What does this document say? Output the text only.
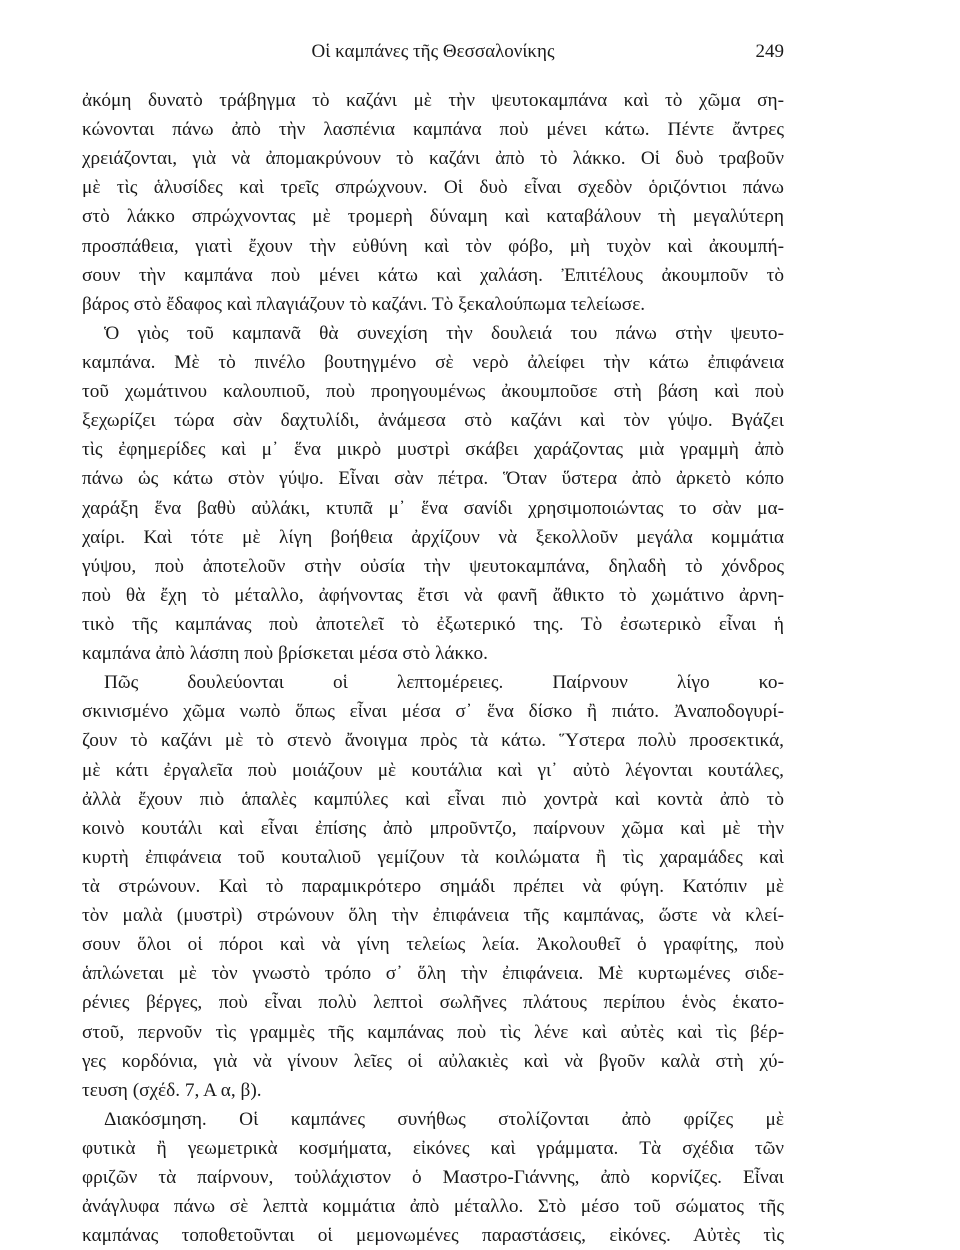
Οἱ καμπάνες τῆς Θεσσαλονίκης	249
ἀκόμη δυνατὸ τράβηγμα τὸ καζάνι μὲ τὴν ψευτοκαμπάνα καὶ τὸ χῶμα ση-
κώνονται πάνω ἀπὸ τὴν λασπένια καμπάνα ποὺ μένει κάτω. Πέντε ἄντρες
χρειάζονται, γιὰ νὰ ἀπομακρύνουν τὸ καζάνι ἀπὸ τὸ λάκκο. Οἱ δυὸ τραβοῦν
μὲ τὶς ἁλυσίδες καὶ τρεῖς σπρώχνουν. Οἱ δυὸ εἶναι σχεδὸν ὁριζόντιοι πάνω
στὸ λάκκο σπρώχνοντας μὲ τρομερὴ δύναμη καὶ καταβάλουν τὴ μεγαλύτερη
προσπάθεια, γιατὶ ἔχουν τὴν εὐθύνη καὶ τὸν φόβο, μὴ τυχὸν καὶ ἀκουμπή-
σουν τὴν καμπάνα ποὺ μένει κάτω καὶ χαλάση. Ἐπιτέλους ἀκουμποῦν τὸ
βάρος στὸ ἔδαφος καὶ πλαγιάζουν τὸ καζάνι. Τὸ ξεκαλούπωμα τελείωσε.
Ὁ γιὸς τοῦ καμπανᾶ θὰ συνεχίση τὴν δουλειά του πάνω στὴν ψευτο-
καμπάνα. Μὲ τὸ πινέλο βουτηγμένο σὲ νερὸ ἀλείφει τὴν κάτω ἐπιφάνεια
τοῦ χωμάτινου καλουπιοῦ, ποὺ προηγουμένως ἀκουμποῦσε στὴ βάση καὶ ποὺ
ξεχωρίζει τώρα σὰν δαχτυλίδι, ἀνάμεσα στὸ καζάνι καὶ τὸν γύψο. Βγάζει
τὶς ἐφημερίδες καὶ μ᾽ ἕνα μικρὸ μυστρὶ σκάβει χαράζοντας μιὰ γραμμὴ ἀπὸ
πάνω ὡς κάτω στὸν γύψο. Εἶναι σὰν πέτρα. Ὅταν ὕστερα ἀπὸ ἀρκετὸ κόπο
χαράξη ἕνα βαθὺ αὐλάκι, κτυπᾶ μ᾽ ἕνα σανίδι χρησιμοποιώντας το σὰν μα-
χαίρι. Καὶ τότε μὲ λίγη βοήθεια ἀρχίζουν νὰ ξεκολλοῦν μεγάλα κομμάτια
γύψου, ποὺ ἀποτελοῦν στὴν οὐσία τὴν ψευτοκαμπάνα, δηλαδὴ τὸ χόνδρος
ποὺ θὰ ἔχη τὸ μέταλλο, ἀφήνοντας ἔτσι νὰ φανῆ ἄθικτο τὸ χωμάτινο ἀρνη-
τικὸ τῆς καμπάνας ποὺ ἀποτελεῖ τὸ ἐξωτερικό της. Τὸ ἐσωτερικὸ εἶναι ἡ
καμπάνα ἀπὸ λάσπη ποὺ βρίσκεται μέσα στὸ λάκκο.
Πῶς δουλεύονται οἱ λεπτομέρειες. Παίρνουν λίγο κο-
σκινισμένο χῶμα νωπὸ ὅπως εἶναι μέσα σ᾽ ἕνα δίσκο ἢ πιάτο. Ἀναποδογυρί-
ζουν τὸ καζάνι μὲ τὸ στενὸ ἄνοιγμα πρὸς τὰ κάτω. Ὕστερα πολὺ προσεκτικά,
μὲ κάτι ἐργαλεῖα ποὺ μοιάζουν μὲ κουτάλια καὶ γι᾽ αὐτὸ λέγονται κουτάλες,
ἀλλὰ ἔχουν πιὸ ἁπαλὲς καμπύλες καὶ εἶναι πιὸ χοντρὰ καὶ κοντὰ ἀπὸ τὸ
κοινὸ κουτάλι καὶ εἶναι ἐπίσης ἀπὸ μπροῦντζο, παίρνουν χῶμα καὶ μὲ τὴν
κυρτὴ ἐπιφάνεια τοῦ κουταλιοῦ γεμίζουν τὰ κοιλώματα ἢ τὶς χαραμάδες καὶ
τὰ στρώνουν. Καὶ τὸ παραμικρότερο σημάδι πρέπει νὰ φύγη. Κατόπιν μὲ
τὸν μαλὰ (μυστρὶ) στρώνουν ὅλη τὴν ἐπιφάνεια τῆς καμπάνας, ὥστε νὰ κλεί-
σουν ὅλοι οἱ πόροι καὶ νὰ γίνη τελείως λεία. Ἀκολουθεῖ ὁ γραφίτης, ποὺ
ἁπλώνεται μὲ τὸν γνωστὸ τρόπο σ᾽ ὅλη τὴν ἐπιφάνεια. Μὲ κυρτωμένες σιδε-
ρένιες βέργες, ποὺ εἶναι πολὺ λεπτοὶ σωλῆνες πλάτους περίπου ἑνὸς ἑκατο-
στοῦ, περνοῦν τὶς γραμμὲς τῆς καμπάνας ποὺ τὶς λένε καὶ αὐτὲς καὶ τὶς βέρ-
γες κορδόνια, γιὰ νὰ γίνουν λεῖες οἱ αὐλακιὲς καὶ νὰ βγοῦν καλὰ στὴ χύ-
τευση (σχέδ. 7, Α α, β).
Διακόσμηση. Οἱ καμπάνες συνήθως στολίζονται ἀπὸ φρίζες μὲ
φυτικὰ ἢ γεωμετρικὰ κοσμήματα, εἰκόνες καὶ γράμματα. Τὰ σχέδια τῶν
φριζῶν τὰ παίρνουν, τοὐλάχιστον ὁ Μαστρο-Γιάννης, ἀπὸ κορνίζες. Εἶναι
ἀνάγλυφα πάνω σὲ λεπτὰ κομμάτια ἀπὸ μέταλλο. Στὸ μέσο τοῦ σώματος τῆς
καμπάνας τοποθετοῦνται οἱ μεμονωμένες παραστάσεις, εἰκόνες. Αὐτὲς τὶς
